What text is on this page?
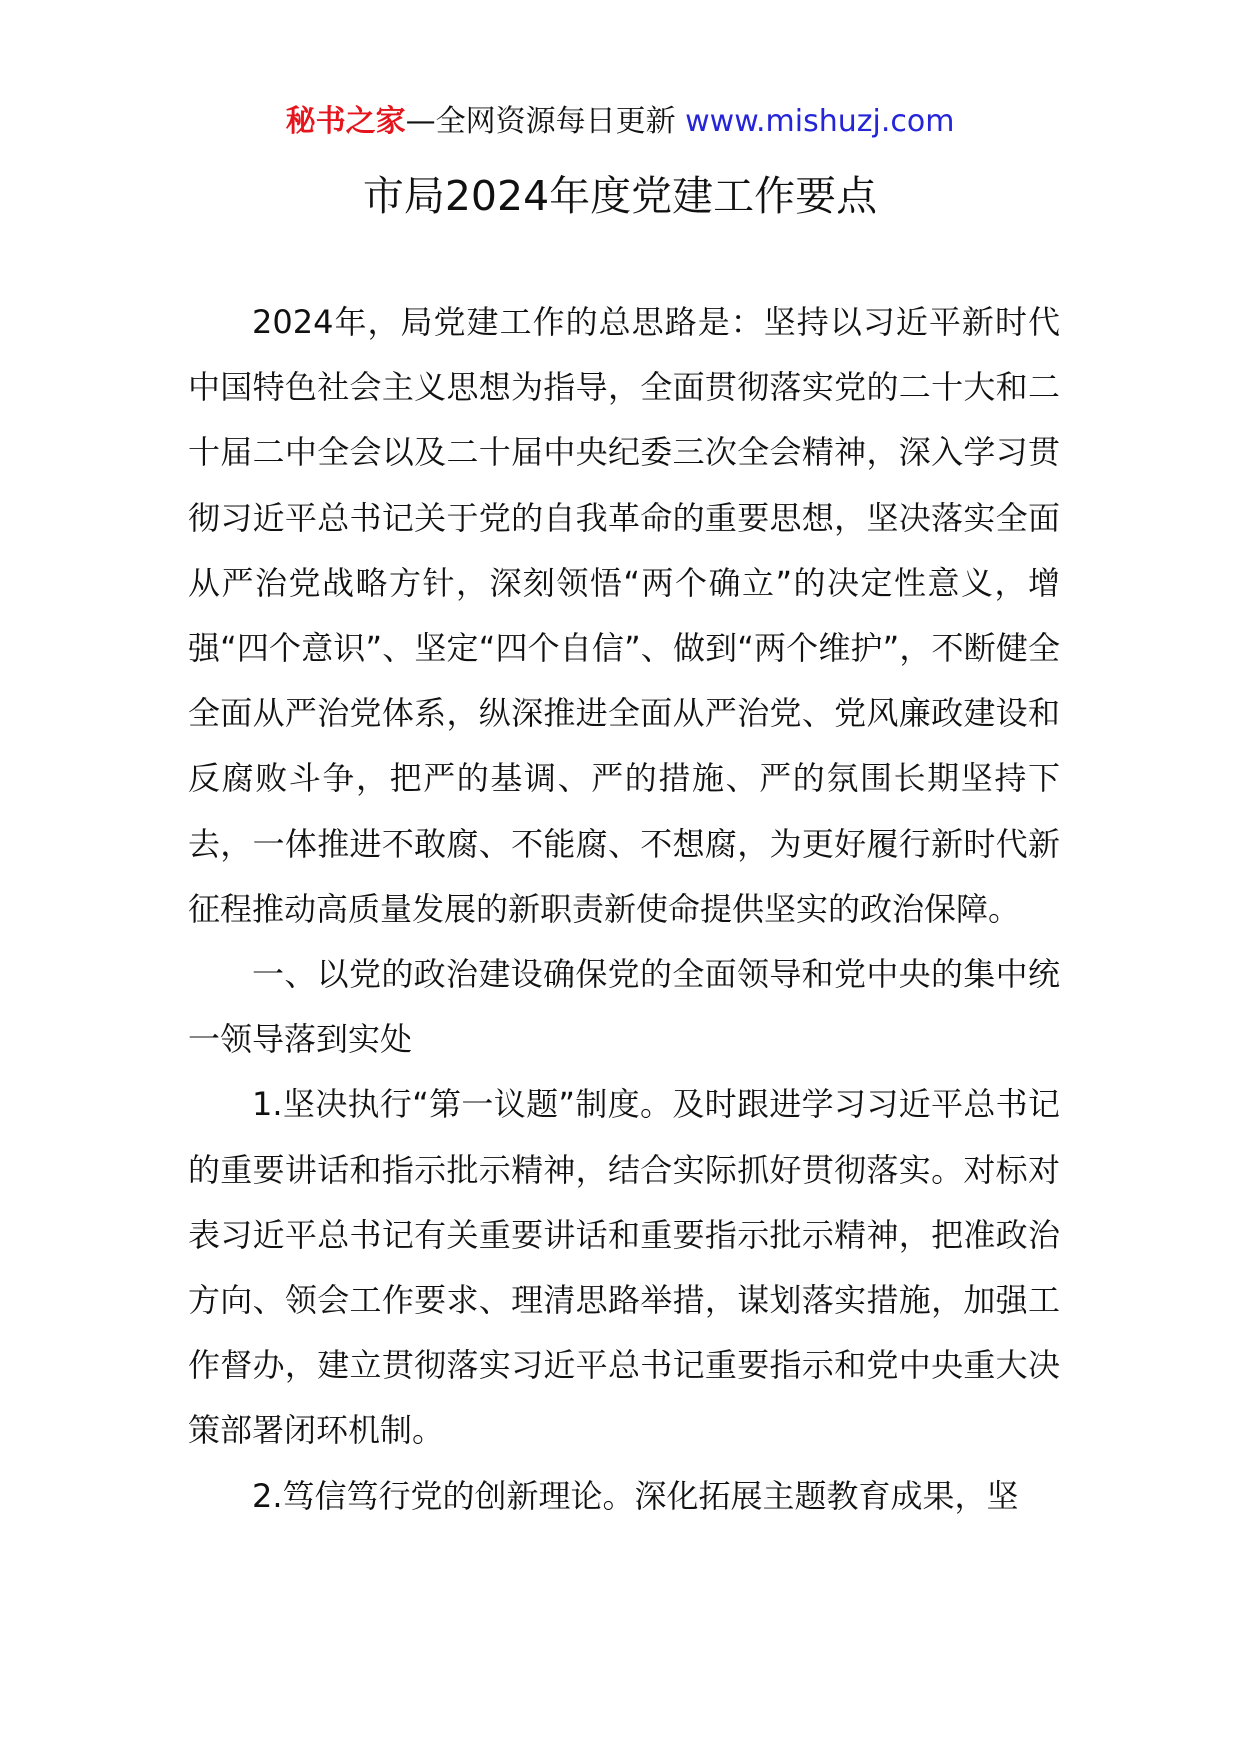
秘书之家—全网资源每日更新 www.mishuzj.com
市局2024年度党建工作要点

2024年，局党建工作的总思路是：坚持以习近平新时代中国特色社会主义思想为指导，全面贯彻落实党的二十大和二十届二中全会以及二十届中央纪委三次全会精神，深入学习贯彻习近平总书记关于党的自我革命的重要思想，坚决落实全面从严治党战略方针，深刻领悟“两个确立”的决定性意义，增强“四个意识”、坚定“四个自信”、做到“两个维护”，不断健全全面从严治党体系，纵深推进全面从严治党、党风廉政建设和反腐败斗争，把严的基调、严的措施、严的氛围长期坚持下去，一体推进不敢腐、不能腐、不想腐，为更好履行新时代新征程推动高质量发展的新职责新使命提供坚实的政治保障。

一、以党的政治建设确保党的全面领导和党中央的集中统一领导落到实处

1.坚决执行“第一议题”制度。及时跟进学习习近平总书记的重要讲话和指示批示精神，结合实际抓好贯彻落实。对标对表习近平总书记有关重要讲话和重要指示批示精神，把准政治方向、领会工作要求、理清思路举措，谋划落实措施，加强工作督办，建立贯彻落实习近平总书记重要指示和党中央重大决策部署闭环机制。

2.笃信笃行党的创新理论。深化拓展主题教育成果，坚
